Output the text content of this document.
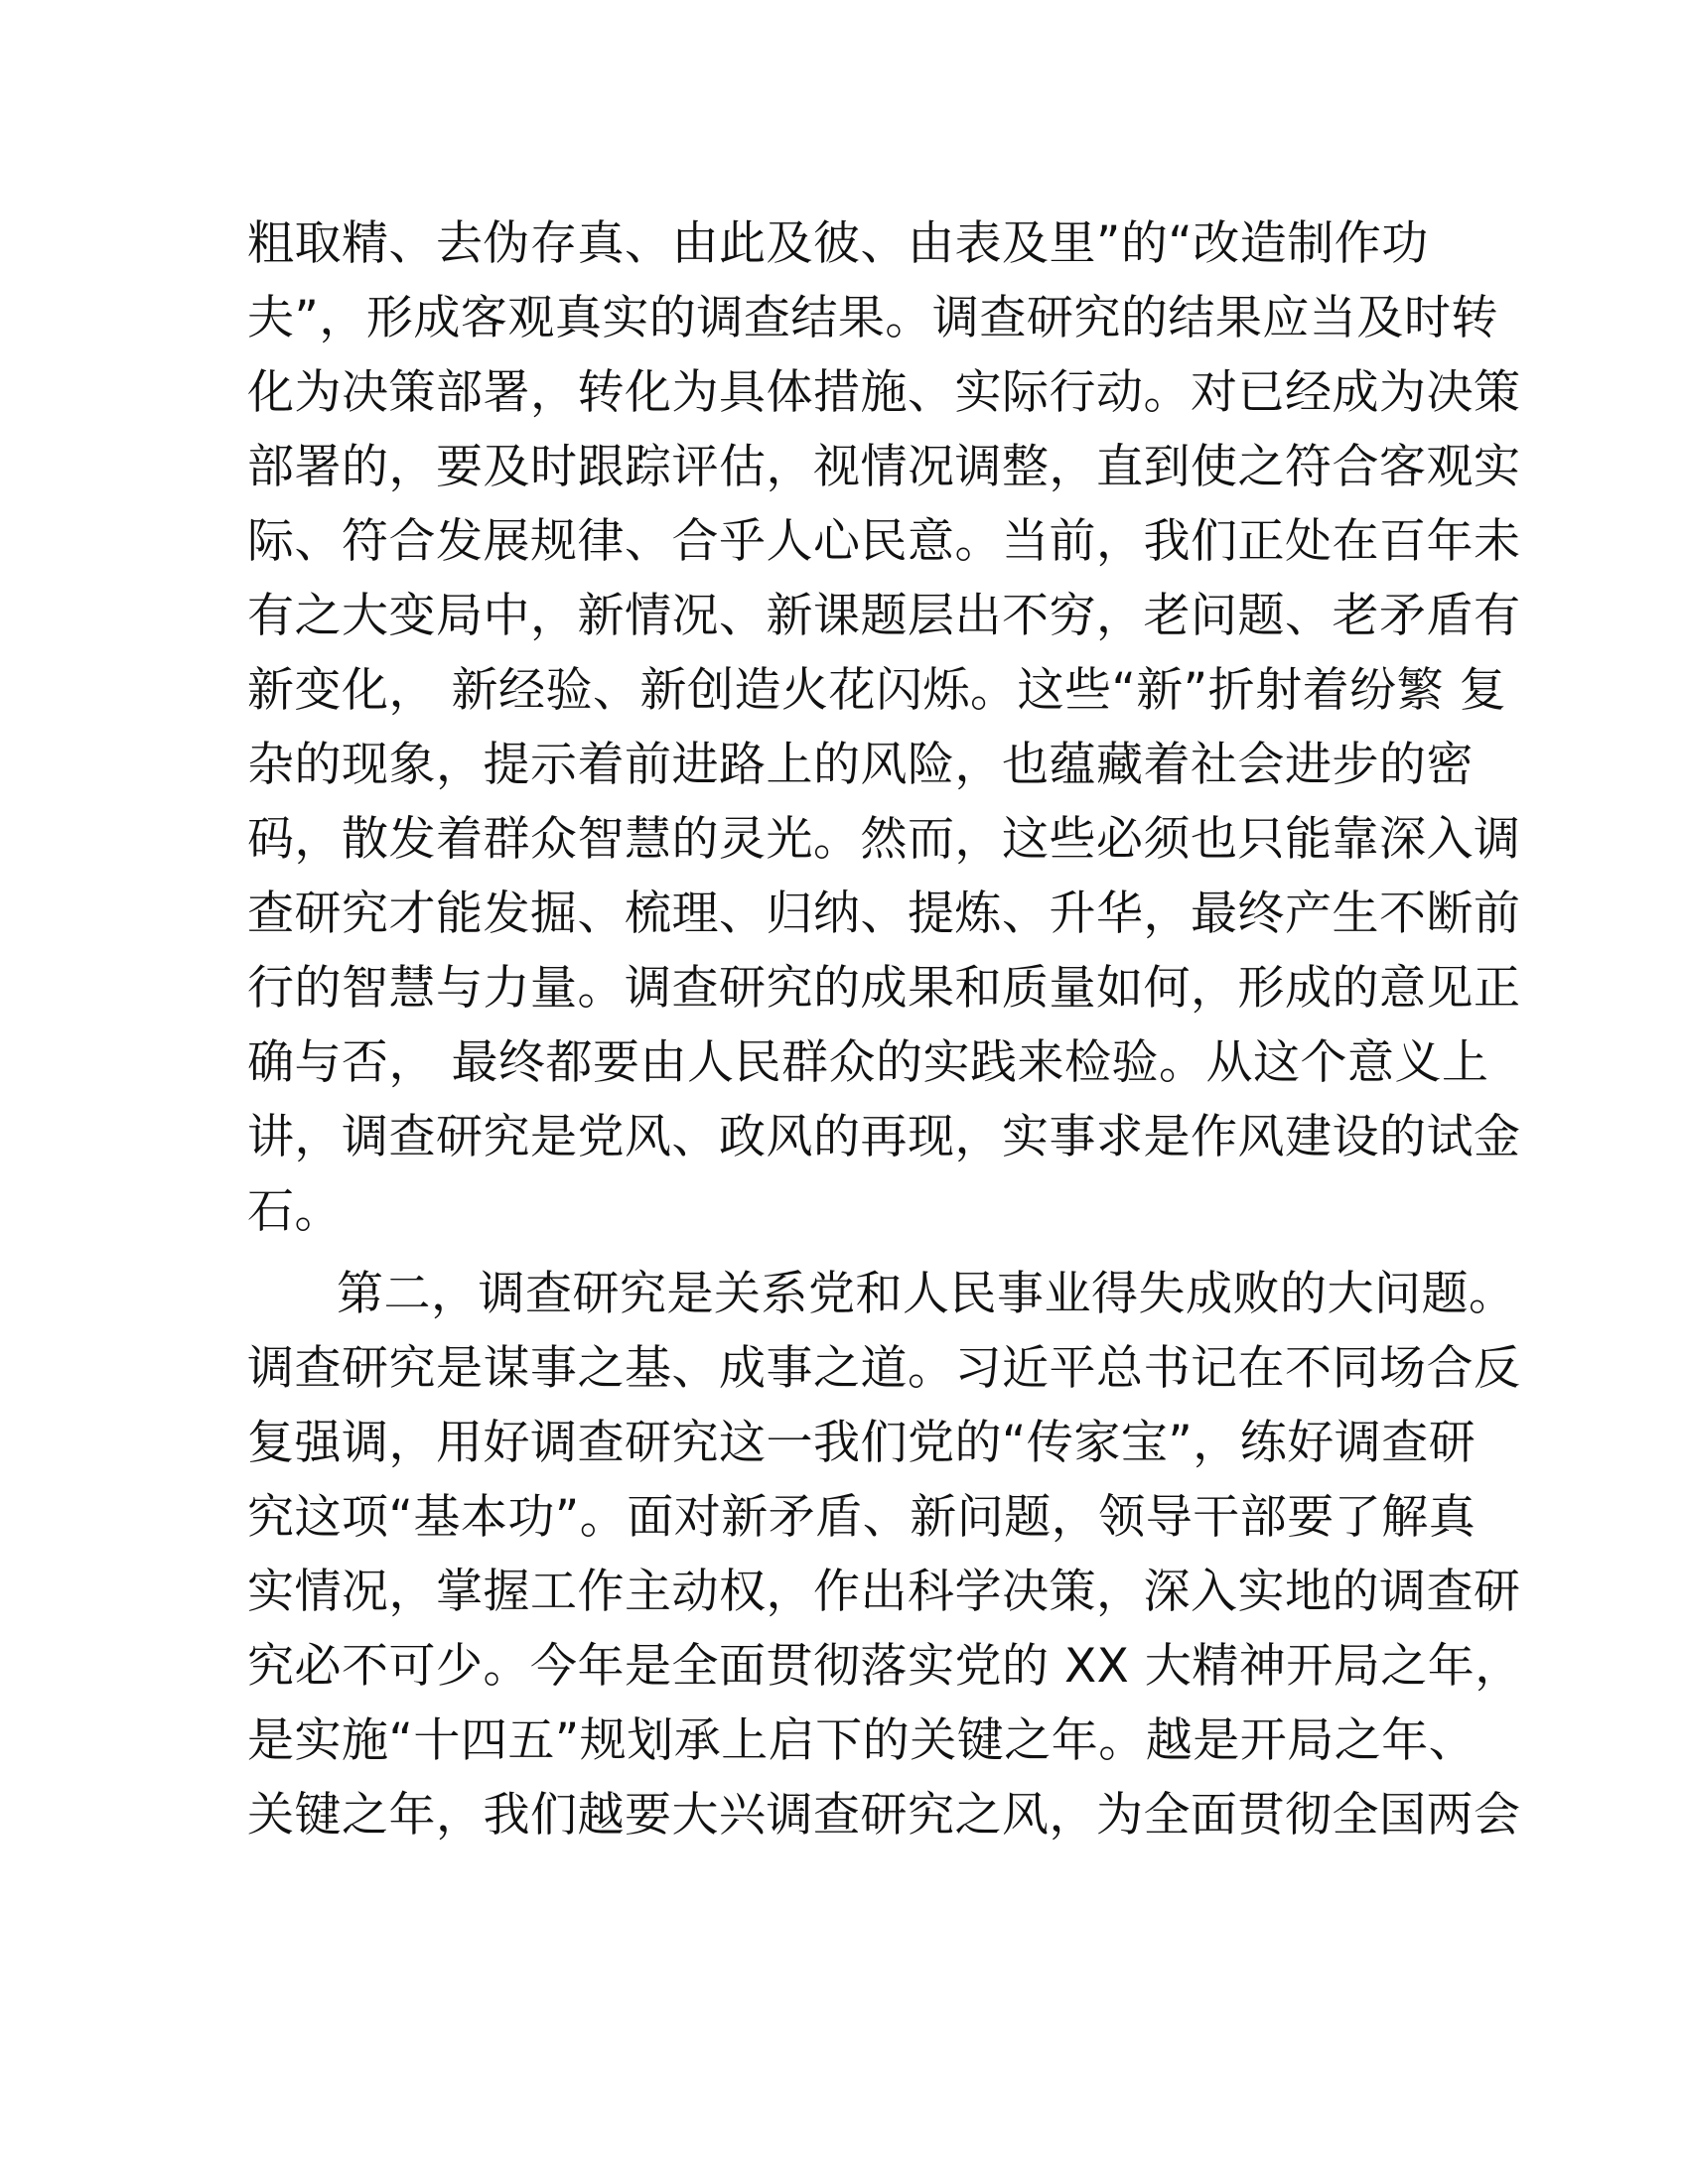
粗取精、去伪存真、由此及彼、由表及里”的“改造制作功
夫”，形成客观真实的调查结果。调查研究的结果应当及时转
化为决策部署，转化为具体措施、实际行动。对已经成为决策
部署的，要及时跟踪评估，视情况调整，直到使之符合客观实
际、符合发展规律、合乎人心民意。当前，我们正处在百年未
有之大变局中，新情况、新课题层出不穷，老问题、老矛盾有
新变化， 新经验、新创造火花闪烁。这些“新”折射着纷繁 复
杂的现象，提示着前进路上的风险，也蕴藏着社会进步的密
码，散发着群众智慧的灵光。然而，这些必须也只能靠深入调
查研究才能发掘、梳理、归纳、提炼、升华，最终产生不断前
行的智慧与力量。调查研究的成果和质量如何，形成的意见正
确与否， 最终都要由人民群众的实践来检验。从这个意义上
讲，调查研究是党风、政风的再现，实事求是作风建设的试金
石。
第二，调查研究是关系党和人民事业得失成败的大问题。
调查研究是谋事之基、成事之道。习近平总书记在不同场合反
复强调，用好调查研究这一我们党的“传家宝”，练好调查研
究这项“基本功”。面对新矛盾、新问题，领导干部要了解真
实情况，掌握工作主动权，作出科学决策，深入实地的调查研
究必不可少。今年是全面贯彻落实党的 XX 大精神开局之年，
是实施“十四五”规划承上启下的关键之年。越是开局之年、
关键之年，我们越要大兴调查研究之风，为全面贯彻全国两会
